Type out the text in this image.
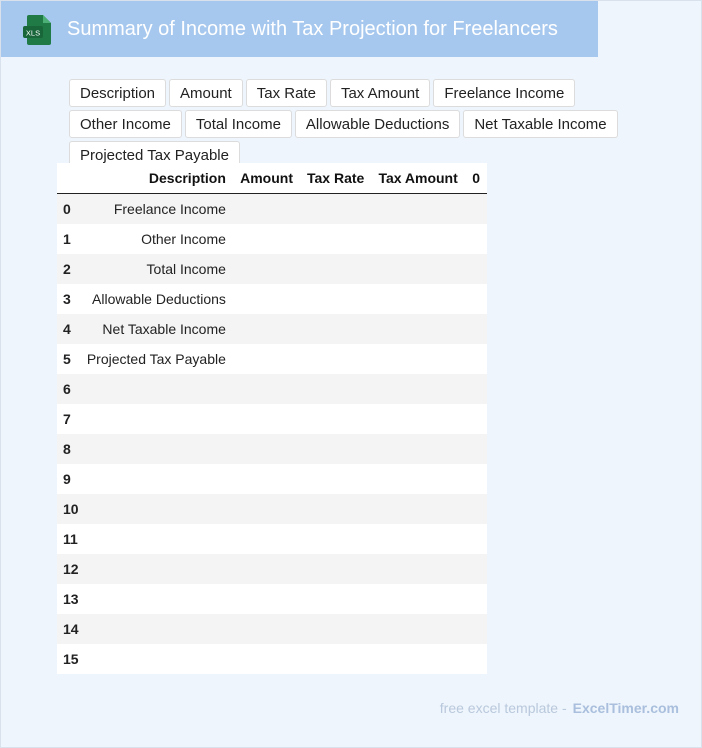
XLS Summary of Income with Tax Projection for Freelancers
Description	Amount	Tax Rate	Tax Amount	Freelance Income
Other Income	Total Income	Allowable Deductions	Net Taxable Income
Projected Tax Payable
	Description	Amount	Tax Rate	Tax Amount	0
0	Freelance Income				
1	Other Income				
2	Total Income				
3	Allowable Deductions				
4	Net Taxable Income				
5	Projected Tax Payable				
6					
7					
8					
9					
10					
11					
12					
13					
14					
15					
free excel template - ExcelTimer.com
